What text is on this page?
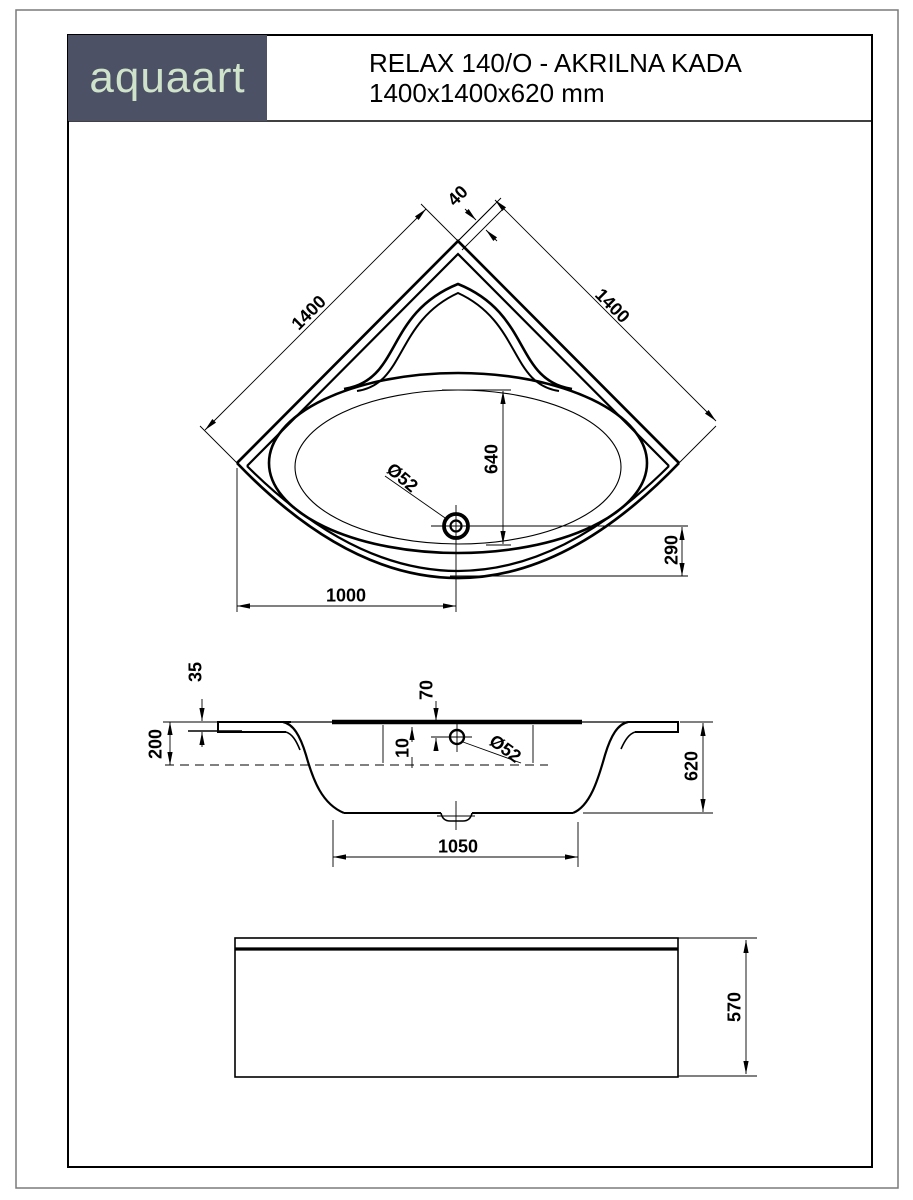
aquaart	RELAX 140/O - AKRILNA KADA
1400x1400x620 mm
40
1400	1400
640
Ø52
290
1000
35
200
70
10	Ø52	620
1050
570
